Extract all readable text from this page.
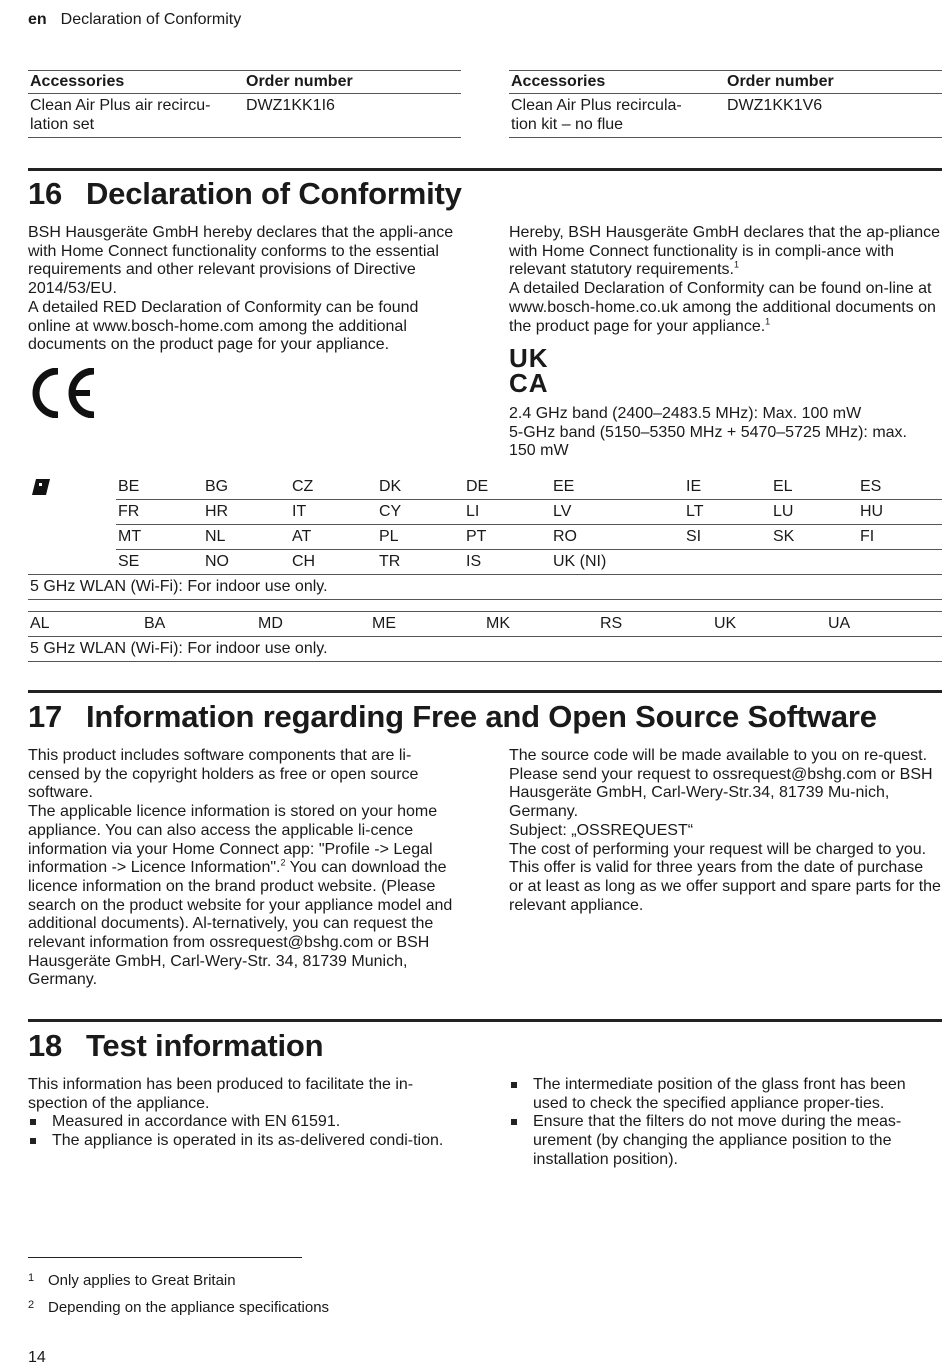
en Declaration of Conformity
Accessories	Order number
Clean Air Plus air recircu-
lation set	DWZ1KK1I6
Accessories	Order number
Clean Air Plus recircula-
tion kit – no flue	DWZ1KK1V6
16 Declaration of Conformity

BSH Hausgeräte GmbH hereby declares that the appli-ance with Home Connect functionality conforms to the essential requirements and other relevant provisions of Directive 2014/53/EU.

A detailed RED Declaration of Conformity can be found online at www.bosch-home.com among the additional documents on the product page for your appliance.

Hereby, BSH Hausgeräte GmbH declares that the ap-pliance with Home Connect functionality is in compli-ance with relevant statutory requirements.$^1$

A detailed Declaration of Conformity can be found on-line at www.bosch-home.co.uk among the additional documents on the product page for your appliance.$^1$

UK
CA

2.4 GHz band (2400–2483.5 MHz): Max. 100 mW

5-GHz band (5150–5350 MHz + 5470–5725 MHz): max. 150 mW

	BE	BG	CZ	DK	DE	EE	IE	EL	ES
	FR	HR	IT	CY	LI	LV	LT	LU	HU
	MT	NL	AT	PL	PT	RO	SI	SK	FI
	SE	NO	CH	TR	IS	UK (NI)			
5 GHz WLAN (Wi-Fi): For indoor use only.									
AL	BA	MD	ME	MK	RS	UK	UA
5 GHz WLAN (Wi-Fi): For indoor use only.
17 Information regarding Free and Open Source Software

This product includes software components that are li-censed by the copyright holders as free or open source software.

The applicable licence information is stored on your home appliance. You can also access the applicable li-cence information via your Home Connect app: "Profile -> Legal information -> Licence Information".$^2$ You can download the licence information on the brand product website. (Please search on the product website for your appliance model and additional documents). Al-ternatively, you can request the relevant information from ossrequest@bshg.com or BSH Hausgeräte GmbH, Carl-Wery-Str. 34, 81739 Munich, Germany.

The source code will be made available to you on re-quest.

Please send your request to ossrequest@bshg.com or BSH Hausgeräte GmbH, Carl-Wery-Str.34, 81739 Mu-nich, Germany.

Subject: „OSSREQUEST“

The cost of performing your request will be charged to you. This offer is valid for three years from the date of purchase or at least as long as we offer support and spare parts for the relevant appliance.

18 Test information

This information has been produced to facilitate the in-spection of the appliance.

Measured in accordance with EN 61591.
The appliance is operated in its as-delivered condi-tion.
The intermediate position of the glass front has been used to check the specified appliance proper-ties.
Ensure that the filters do not move during the meas-urement (by changing the appliance position to the installation position).
1 Only applies to Great Britain
2 Depending on the appliance specifications
14
